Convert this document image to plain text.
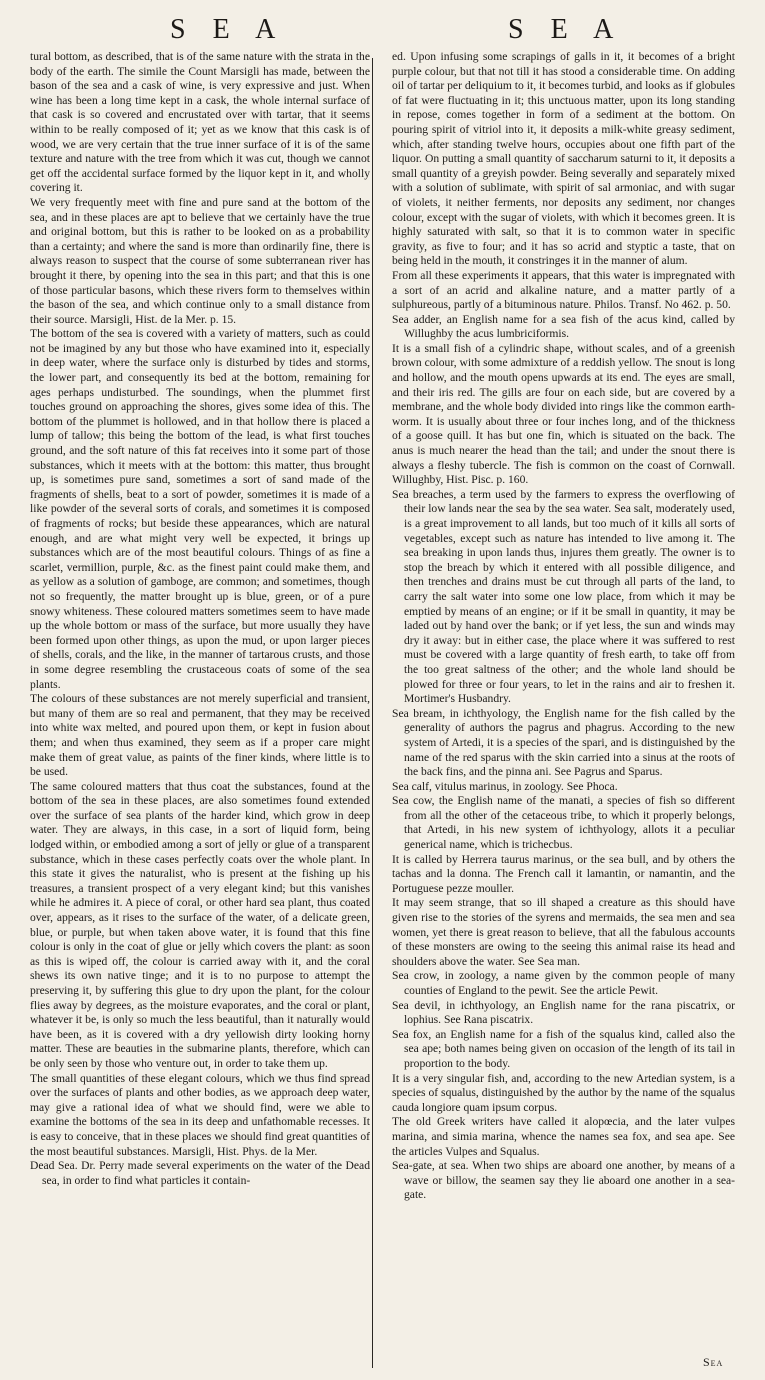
S E A	S E A

tural bottom, as described, that is of the same nature with the strata in the body of the earth. The simile the Count Marsigli has made, between the bason of the sea and a cask of wine, is very expressive and just. When wine has been a long time kept in a cask, the whole internal surface of that cask is so covered and encrustated over with tartar, that it seems within to be really composed of it; yet as we know that this cask is of wood, we are very certain that the true inner surface of it is of the same texture and nature with the tree from which it was cut, though we cannot get off the accidental surface formed by the liquor kept in it, and wholly covering it.

We very frequently meet with fine and pure sand at the bottom of the sea, and in these places are apt to believe that we certainly have the true and original bottom, but this is rather to be looked on as a probability than a certainty; and where the sand is more than ordinarily fine, there is always reason to suspect that the course of some subterranean river has brought it there, by opening into the sea in this part; and that this is one of those particular basons, which these rivers form to themselves within the bason of the sea, and which continue only to a small distance from their source. Marsigli, Hist. de la Mer. p. 15.

The bottom of the sea is covered with a variety of matters, such as could not be imagined by any but those who have examined into it, especially in deep water, where the surface only is disturbed by tides and storms, the lower part, and consequently its bed at the bottom, remaining for ages perhaps undisturbed. The soundings, when the plummet first touches ground on approaching the shores, gives some idea of this. The bottom of the plummet is hollowed, and in that hollow there is placed a lump of tallow; this being the bottom of the lead, is what first touches ground, and the soft nature of this fat receives into it some part of those substances, which it meets with at the bottom: this matter, thus brought up, is sometimes pure sand, sometimes a sort of sand made of the fragments of shells, beat to a sort of powder, sometimes it is made of a like powder of the several sorts of corals, and sometimes it is composed of fragments of rocks; but beside these appearances, which are natural enough, and are what might very well be expected, it brings up substances which are of the most beautiful colours. Things of as fine a scarlet, vermillion, purple, &c. as the finest paint could make them, and as yellow as a solution of gamboge, are common; and sometimes, though not so frequently, the matter brought up is blue, green, or of a pure snowy whiteness. These coloured matters sometimes seem to have made up the whole bottom or mass of the surface, but more usually they have been formed upon other things, as upon the mud, or upon larger pieces of shells, corals, and the like, in the manner of tartarous crusts, and those in some degree resembling the crustaceous coats of some of the sea plants.

The colours of these substances are not merely superficial and transient, but many of them are so real and permanent, that they may be received into white wax melted, and poured upon them, or kept in fusion about them; and when thus examined, they seem as if a proper care might make them of great value, as paints of the finer kinds, where little is to be used.

The same coloured matters that thus coat the substances, found at the bottom of the sea in these places, are also sometimes found extended over the surface of sea plants of the harder kind, which grow in deep water. They are always, in this case, in a sort of liquid form, being lodged within, or embodied among a sort of jelly or glue of a transparent substance, which in these cases perfectly coats over the whole plant. In this state it gives the naturalist, who is present at the fishing up his treasures, a transient prospect of a very elegant kind; but this vanishes while he admires it. A piece of coral, or other hard sea plant, thus coated over, appears, as it rises to the surface of the water, of a delicate green, blue, or purple, but when taken above water, it is found that this fine colour is only in the coat of glue or jelly which covers the plant: as soon as this is wiped off, the colour is carried away with it, and the coral shews its own native tinge; and it is to no purpose to attempt the preserving it, by suffering this glue to dry upon the plant, for the colour flies away by degrees, as the moisture evaporates, and the coral or plant, whatever it be, is only so much the less beautiful, than it naturally would have been, as it is covered with a dry yellowish dirty looking horny matter. These are beauties in the submarine plants, therefore, which can be only seen by those who venture out, in order to take them up.

The small quantities of these elegant colours, which we thus find spread over the surfaces of plants and other bodies, as we approach deep water, may give a rational idea of what we should find, were we able to examine the bottoms of the sea in its deep and unfathomable recesses. It is easy to conceive, that in these places we should find great quantities of the most beautiful substances. Marsigli, Hist. Phys. de la Mer.

Dead Sea. Dr. Perry made several experiments on the water of the Dead sea, in order to find what particles it contain-

ed. Upon infusing some scrapings of galls in it, it becomes of a bright purple colour, but that not till it has stood a considerable time. On adding oil of tartar per deliquium to it, it becomes turbid, and looks as if globules of fat were fluctuating in it; this unctuous matter, upon its long standing in repose, comes together in form of a sediment at the bottom. On pouring spirit of vitriol into it, it deposits a milk-white greasy sediment, which, after standing twelve hours, occupies about one fifth part of the liquor. On putting a small quantity of saccharum saturni to it, it deposits a small quantity of a greyish powder. Being severally and separately mixed with a solution of sublimate, with spirit of sal armoniac, and with sugar of violets, it neither ferments, nor deposits any sediment, nor changes colour, except with the sugar of violets, with which it becomes green. It is highly saturated with salt, so that it is to common water in specific gravity, as five to four; and it has so acrid and styptic a taste, that on being held in the mouth, it constringes it in the manner of alum.

From all these experiments it appears, that this water is impregnated with a sort of an acrid and alkaline nature, and a matter partly of a sulphureous, partly of a bituminous nature. Philos. Transf. No 462. p. 50.

Sea adder, an English name for a sea fish of the acus kind, called by Willughby the acus lumbriciformis.

It is a small fish of a cylindric shape, without scales, and of a greenish brown colour, with some admixture of a reddish yellow. The snout is long and hollow, and the mouth opens upwards at its end. The eyes are small, and their iris red. The gills are four on each side, but are covered by a membrane, and the whole body divided into rings like the common earth-worm. It is usually about three or four inches long, and of the thickness of a goose quill. It has but one fin, which is situated on the back. The anus is much nearer the head than the tail; and under the snout there is always a fleshy tubercle. The fish is common on the coast of Cornwall. Willughby, Hist. Pisc. p. 160.

Sea breaches, a term used by the farmers to express the overflowing of their low lands near the sea by the sea water. Sea salt, moderately used, is a great improvement to all lands, but too much of it kills all sorts of vegetables, except such as nature has intended to live among it. The sea breaking in upon lands thus, injures them greatly. The owner is to stop the breach by which it entered with all possible diligence, and then trenches and drains must be cut through all parts of the land, to carry the salt water into some one low place, from which it may be emptied by means of an engine; or if it be small in quantity, it may be laded out by hand over the bank; or if yet less, the sun and winds may dry it away: but in either case, the place where it was suffered to rest must be covered with a large quantity of fresh earth, to take off from the too great saltness of the other; and the whole land should be plowed for three or four years, to let in the rains and air to freshen it. Mortimer's Husbandry.

Sea bream, in ichthyology, the English name for the fish called by the generality of authors the pagrus and phagrus. According to the new system of Artedi, it is a species of the spari, and is distinguished by the name of the red sparus with the skin carried into a sinus at the roots of the back fins, and the pinna ani. See Pagrus and Sparus.

Sea calf, vitulus marinus, in zoology. See Phoca.

Sea cow, the English name of the manati, a species of fish so different from all the other of the cetaceous tribe, to which it properly belongs, that Artedi, in his new system of ichthyology, allots it a peculiar generical name, which is trichecbus.

It is called by Herrera taurus marinus, or the sea bull, and by others the tachas and la donna. The French call it lamantin, or namantin, and the Portuguese pezze mouller.

It may seem strange, that so ill shaped a creature as this should have given rise to the stories of the syrens and mermaids, the sea men and sea women, yet there is great reason to believe, that all the fabulous accounts of these monsters are owing to the seeing this animal raise its head and shoulders above the water. See Sea man.

Sea crow, in zoology, a name given by the common people of many counties of England to the pewit. See the article Pewit.

Sea devil, in ichthyology, an English name for the rana piscatrix, or lophius. See Rana piscatrix.

Sea fox, an English name for a fish of the squalus kind, called also the sea ape; both names being given on occasion of the length of its tail in proportion to the body.

It is a very singular fish, and, according to the new Artedian system, is a species of squalus, distinguished by the author by the name of the squalus cauda longiore quam ipsum corpus.

The old Greek writers have called it alopœcia, and the later vulpes marina, and simia marina, whence the names sea fox, and sea ape. See the articles Vulpes and Squalus.

Sea-gate, at sea. When two ships are aboard one another, by means of a wave or billow, the seamen say they lie aboard one another in a sea-gate.

Sea
